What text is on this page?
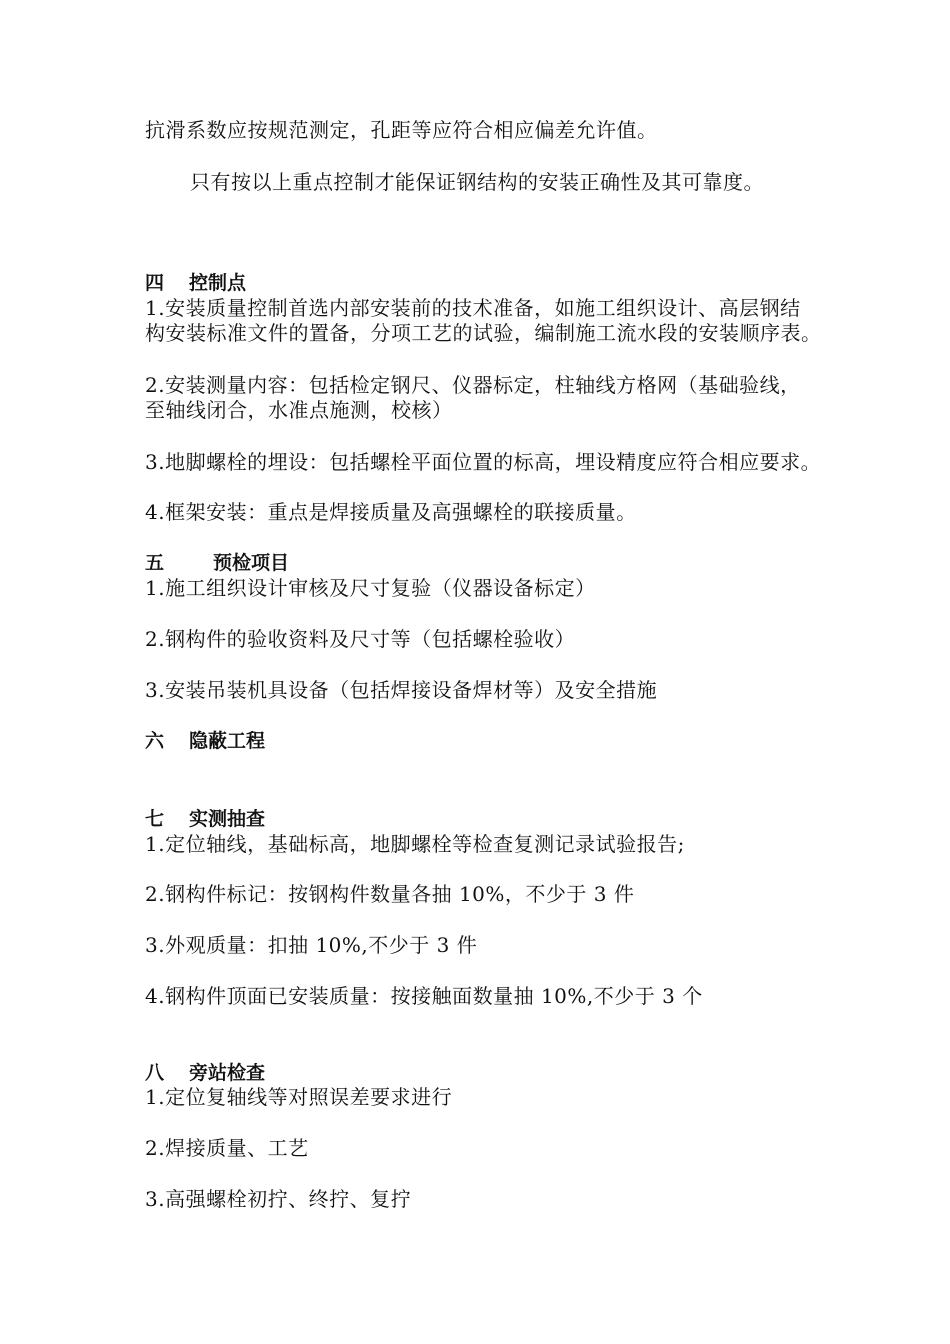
抗滑系数应按规范测定，孔距等应符合相应偏差允许值。
只有按以上重点控制才能保证钢结构的安装正确性及其可靠度。
四 控制点
1.安装质量控制首选内部安装前的技术准备，如施工组织设计、高层钢结
构安装标准文件的置备，分项工艺的试验，编制施工流水段的安装顺序表。
2.安装测量内容：包括检定钢尺、仪器标定，柱轴线方格网（基础验线，
至轴线闭合，水准点施测，校核）
3.地脚螺栓的埋设：包括螺栓平面位置的标高，埋设精度应符合相应要求。
4.框架安装：重点是焊接质量及高强螺栓的联接质量。
五	预检项目
1.施工组织设计审核及尺寸复验（仪器设备标定）
2.钢构件的验收资料及尺寸等（包括螺栓验收）
3.安装吊装机具设备（包括焊接设备焊材等）及安全措施
六 隐蔽工程
七 实测抽查
1.定位轴线，基础标高，地脚螺栓等检查复测记录试验报告;
2.钢构件标记：按钢构件数量各抽 10%，不少于 3 件
3.外观质量：扣抽 10%,不少于 3 件
4.钢构件顶面已安装质量：按接触面数量抽 10%,不少于 3 个
八 旁站检查
1.定位复轴线等对照误差要求进行
2.焊接质量、工艺
3.高强螺栓初拧、终拧、复拧
